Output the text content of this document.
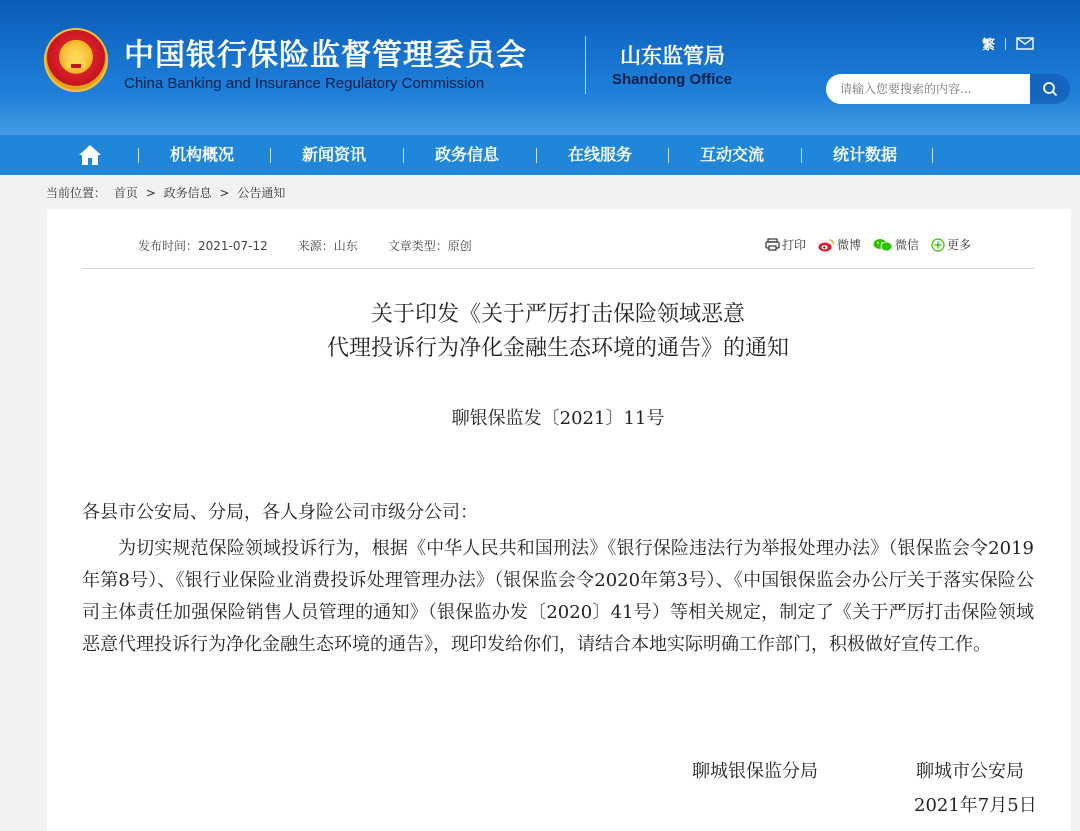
中国银行保险监督管理委员会
China Banking and Insurance Regulatory Commission
山东监管局
Shandong Office
繁
请输入您要搜索的内容...
机构概况	新闻资讯	政务信息	在线服务	互动交流	统计数据
当前位置： 首页 > 政务信息 > 公告通知
发布时间：2021-07-12	来源：山东	文章类型：原创	打印	微博	微信 更多
关于印发《关于严厉打击保险领域恶意
代理投诉行为净化金融生态环境的通告》的通知
聊银保监发〔2021〕11号
各县市公安局、分局，各人身险公司市级分公司：
为切实规范保险领域投诉行为，根据《中华人民共和国刑法》《银行保险违法行为举报处理办法》（银保监会令2019年第8号）、《银行业保险业消费投诉处理管理办法》（银保监会令2020年第3号）、《中国银保监会办公厅关于落实保险公司主体责任加强保险销售人员管理的通知》（银保监办发〔2020〕41号）等相关规定，制定了《关于严厉打击保险领域恶意代理投诉行为净化金融生态环境的通告》，现印发给你们，请结合本地实际明确工作部门，积极做好宣传工作。
聊城银保监分局	聊城市公安局
2021年7月5日
